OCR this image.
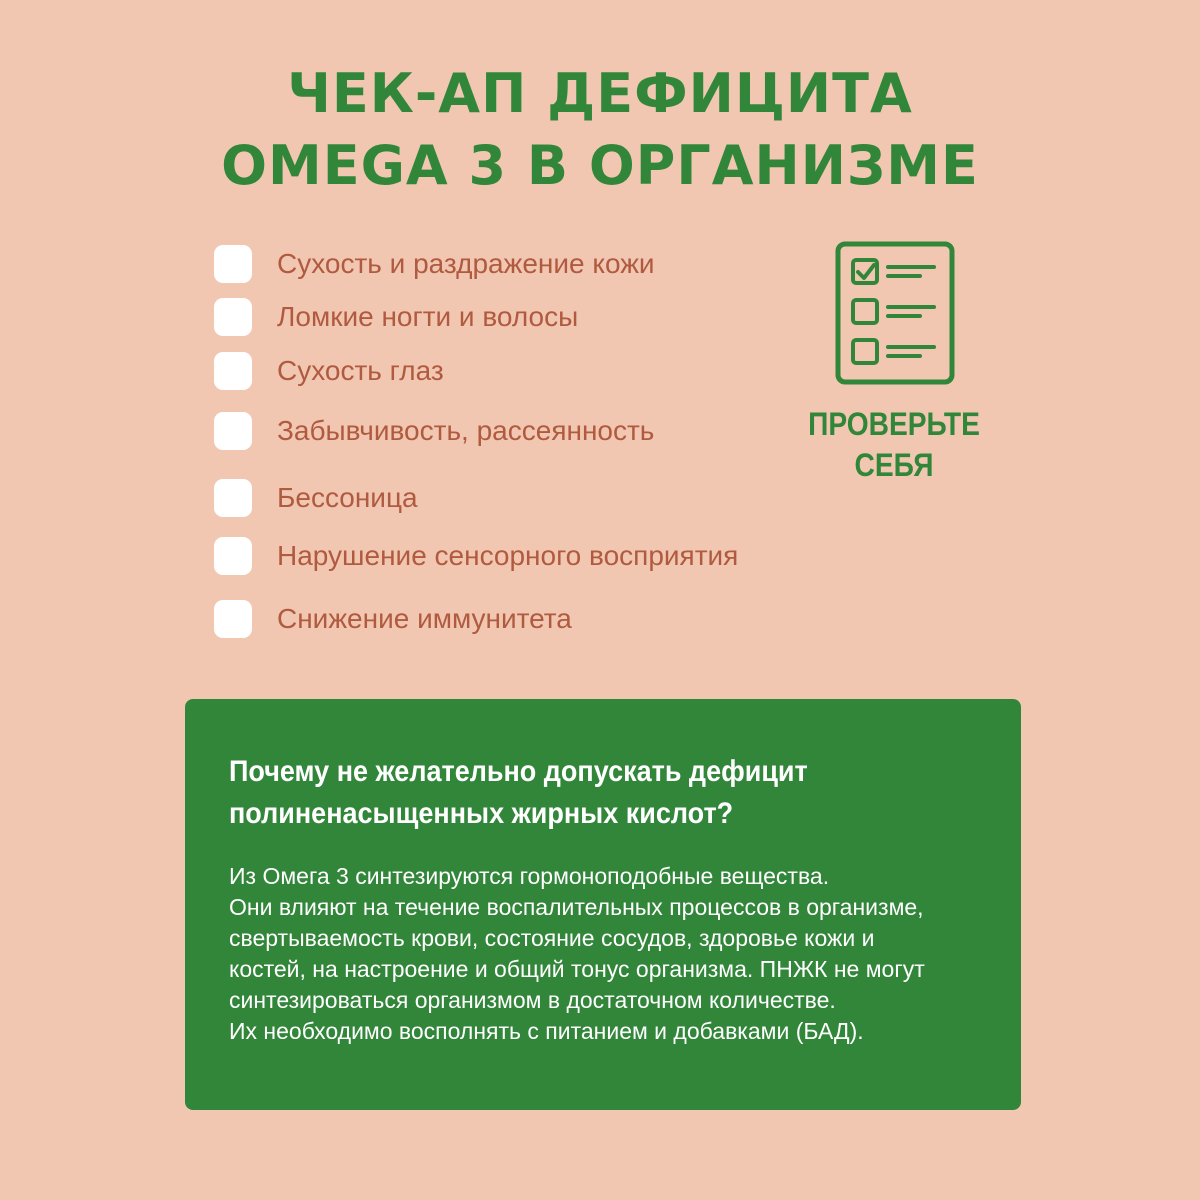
ЧЕК-АП ДЕФИЦИТА
OMEGA 3 В ОРГАНИЗМЕ
Сухость и раздражение кожи
Ломкие ногти и волосы
Сухость глаз
Забывчивость, рассеянность
Бессоница
Нарушение сенсорного восприятия
Снижение иммунитета
ПРОВЕРЬТЕ
СЕБЯ
Почему не желательно допускать дефицит
полиненасыщенных жирных кислот?
Из Омега 3 синтезируются гормоноподобные вещества.
Они влияют на течение воспалительных процессов в организме,
свертываемость крови, состояние сосудов, здоровье кожи и
костей, на настроение и общий тонус организма. ПНЖК не могут
синтезироваться организмом в достаточном количестве.
Их необходимо восполнять с питанием и добавками (БАД).
